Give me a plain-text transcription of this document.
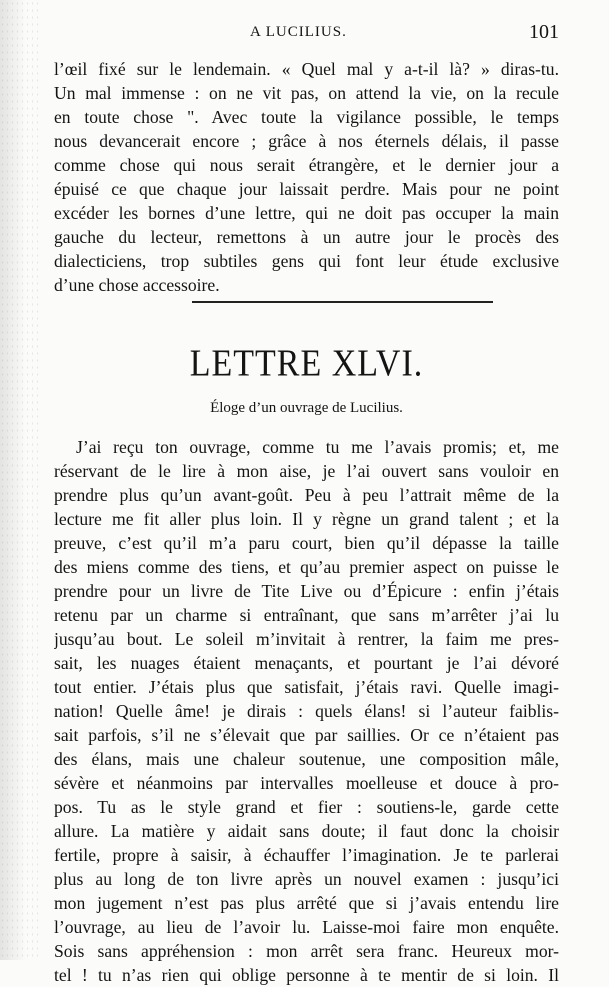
A LUCILIUS.	101
l’œil fixé sur le lendemain. « Quel mal y a-t-il là? » diras-tu.
Un mal immense : on ne vit pas, on attend la vie, on la recule
en toute chose ". Avec toute la vigilance possible, le temps
nous devancerait encore ; grâce à nos éternels délais, il passe
comme chose qui nous serait étrangère, et le dernier jour a
épuisé ce que chaque jour laissait perdre. Mais pour ne point
excéder les bornes d’une lettre, qui ne doit pas occuper la main
gauche du lecteur, remettons à un autre jour le procès des
dialecticiens, trop subtiles gens qui font leur étude exclusive
d’une chose accessoire.
LETTRE XLVI.
Éloge d’un ouvrage de Lucilius.
J’ai reçu ton ouvrage, comme tu me l’avais promis; et, me
réservant de le lire à mon aise, je l’ai ouvert sans vouloir en
prendre plus qu’un avant-goût. Peu à peu l’attrait même de la
lecture me fit aller plus loin. Il y règne un grand talent ; et la
preuve, c’est qu’il m’a paru court, bien qu’il dépasse la taille
des miens comme des tiens, et qu’au premier aspect on puisse le
prendre pour un livre de Tite Live ou d’Épicure : enfin j’étais
retenu par un charme si entraînant, que sans m’arrêter j’ai lu
jusqu’au bout. Le soleil m’invitait à rentrer, la faim me pres-
sait, les nuages étaient menaçants, et pourtant je l’ai dévoré
tout entier. J’étais plus que satisfait, j’étais ravi. Quelle imagi-
nation! Quelle âme! je dirais : quels élans! si l’auteur faiblis-
sait parfois, s’il ne s’élevait que par saillies. Or ce n’étaient pas
des élans, mais une chaleur soutenue, une composition mâle,
sévère et néanmoins par intervalles moelleuse et douce à pro-
pos. Tu as le style grand et fier : soutiens-le, garde cette
allure. La matière y aidait sans doute; il faut donc la choisir
fertile, propre à saisir, à échauffer l’imagination. Je te parlerai
plus au long de ton livre après un nouvel examen : jusqu’ici
mon jugement n’est pas plus arrêté que si j’avais entendu lire
l’ouvrage, au lieu de l’avoir lu. Laisse-moi faire mon enquête.
Sois sans appréhension : mon arrêt sera franc. Heureux mor-
tel ! tu n’as rien qui oblige personne à te mentir de si loin. Il
